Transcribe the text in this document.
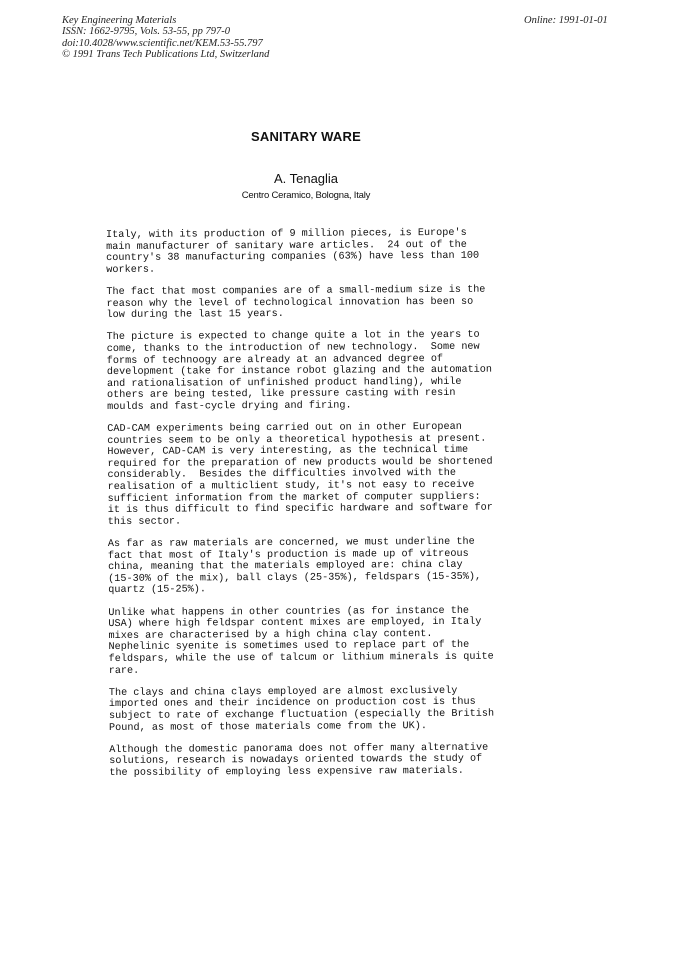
Key Engineering Materials
ISSN: 1662-9795, Vols. 53-55, pp 797-0
doi:10.4028/www.scientific.net/KEM.53-55.797
© 1991 Trans Tech Publications Ltd, Switzerland
Online: 1991-01-01
SANITARY WARE
A. Tenaglia
Centro Ceramico, Bologna, Italy

Italy, with its production of 9 million pieces, is Europe's
main manufacturer of sanitary ware articles.  24 out of the
country's 38 manufacturing companies (63%) have less than 100
workers.

The fact that most companies are of a small-medium size is the
reason why the level of technological innovation has been so
low during the last 15 years.

The picture is expected to change quite a lot in the years to
come, thanks to the introduction of new technology.  Some new
forms of technoogy are already at an advanced degree of
development (take for instance robot glazing and the automation
and rationalisation of unfinished product handling), while
others are being tested, like pressure casting with resin
moulds and fast-cycle drying and firing.

CAD-CAM experiments being carried out on in other European
countries seem to be only a theoretical hypothesis at present.
However, CAD-CAM is very interesting, as the technical time
required for the preparation of new products would be shortened
considerably.  Besides the difficulties involved with the
realisation of a multiclient study, it's not easy to receive
sufficient information from the market of computer suppliers:
it is thus difficult to find specific hardware and software for
this sector.

As far as raw materials are concerned, we must underline the
fact that most of Italy's production is made up of vitreous
china, meaning that the materials employed are: china clay
(15-30% of the mix), ball clays (25-35%), feldspars (15-35%),
quartz (15-25%).

Unlike what happens in other countries (as for instance the
USA) where high feldspar content mixes are employed, in Italy
mixes are characterised by a high china clay content.
Nephelinic syenite is sometimes used to replace part of the
feldspars, while the use of talcum or lithium minerals is quite
rare.

The clays and china clays employed are almost exclusively
imported ones and their incidence on production cost is thus
subject to rate of exchange fluctuation (especially the British
Pound, as most of those materials come from the UK).

Although the domestic panorama does not offer many alternative
solutions, research is nowadays oriented towards the study of
the possibility of employing less expensive raw materials.
